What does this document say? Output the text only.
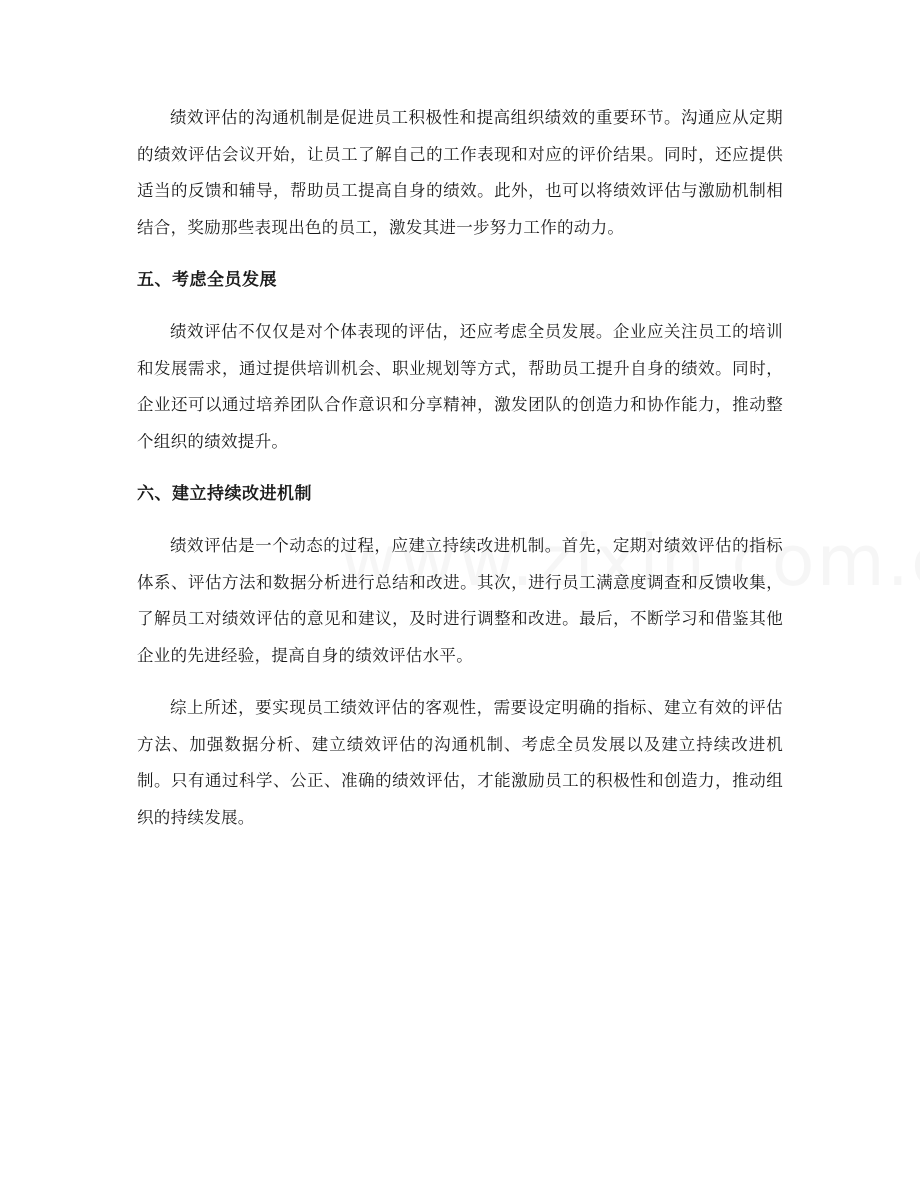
绩效评估的沟通机制是促进员工积极性和提高组织绩效的重要环节。沟通应从定期的绩效评估会议开始，让员工了解自己的工作表现和对应的评价结果。同时，还应提供适当的反馈和辅导，帮助员工提高自身的绩效。此外，也可以将绩效评估与激励机制相结合，奖励那些表现出色的员工，激发其进一步努力工作的动力。

五、考虑全员发展

绩效评估不仅仅是对个体表现的评估，还应考虑全员发展。企业应关注员工的培训和发展需求，通过提供培训机会、职业规划等方式，帮助员工提升自身的绩效。同时，企业还可以通过培养团队合作意识和分享精神，激发团队的创造力和协作能力，推动整个组织的绩效提升。

六、建立持续改进机制

绩效评估是一个动态的过程，应建立持续改进机制。首先，定期对绩效评估的指标体系、评估方法和数据分析进行总结和改进。其次，进行员工满意度调查和反馈收集，了解员工对绩效评估的意见和建议，及时进行调整和改进。最后，不断学习和借鉴其他企业的先进经验，提高自身的绩效评估水平。

综上所述，要实现员工绩效评估的客观性，需要设定明确的指标、建立有效的评估方法、加强数据分析、建立绩效评估的沟通机制、考虑全员发展以及建立持续改进机制。只有通过科学、公正、准确的绩效评估，才能激励员工的积极性和创造力，推动组织的持续发展。
